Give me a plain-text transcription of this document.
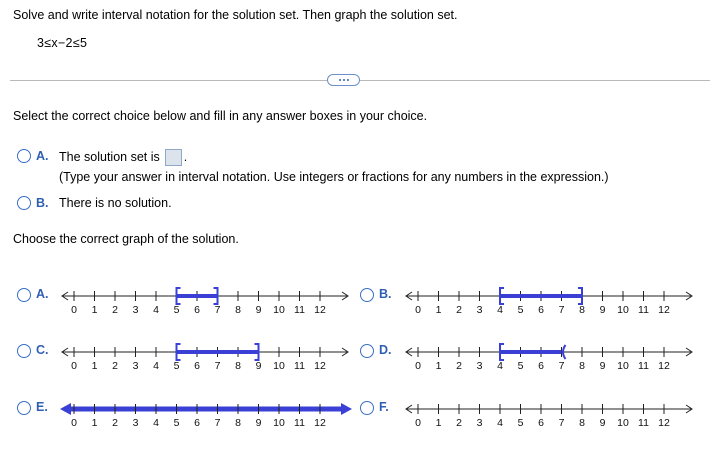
Solve and write interval notation for the solution set. Then graph the solution set.
3≤x−2≤5
Select the correct choice below and fill in any answer boxes in your choice.
A. The solution set is .
(Type your answer in interval notation. Use integers or fractions for any numbers in the expression.)
B. There is no solution.
Choose the correct graph of the solution.
A.
0 1 2 3 4 5 6 7 8 9 10 11 12
B.
0 1 2 3 4 5 6 7 8 9 10 11 12
C.
0 1 2 3 4 5 6 7 8 9 10 11 12
D.
0 1 2 3 4 5 6 7 8 9 10 11 12
E.
0 1 2 3 4 5 6 7 8 9 10 11 12
F.
0 1 2 3 4 5 6 7 8 9 10 11 12
